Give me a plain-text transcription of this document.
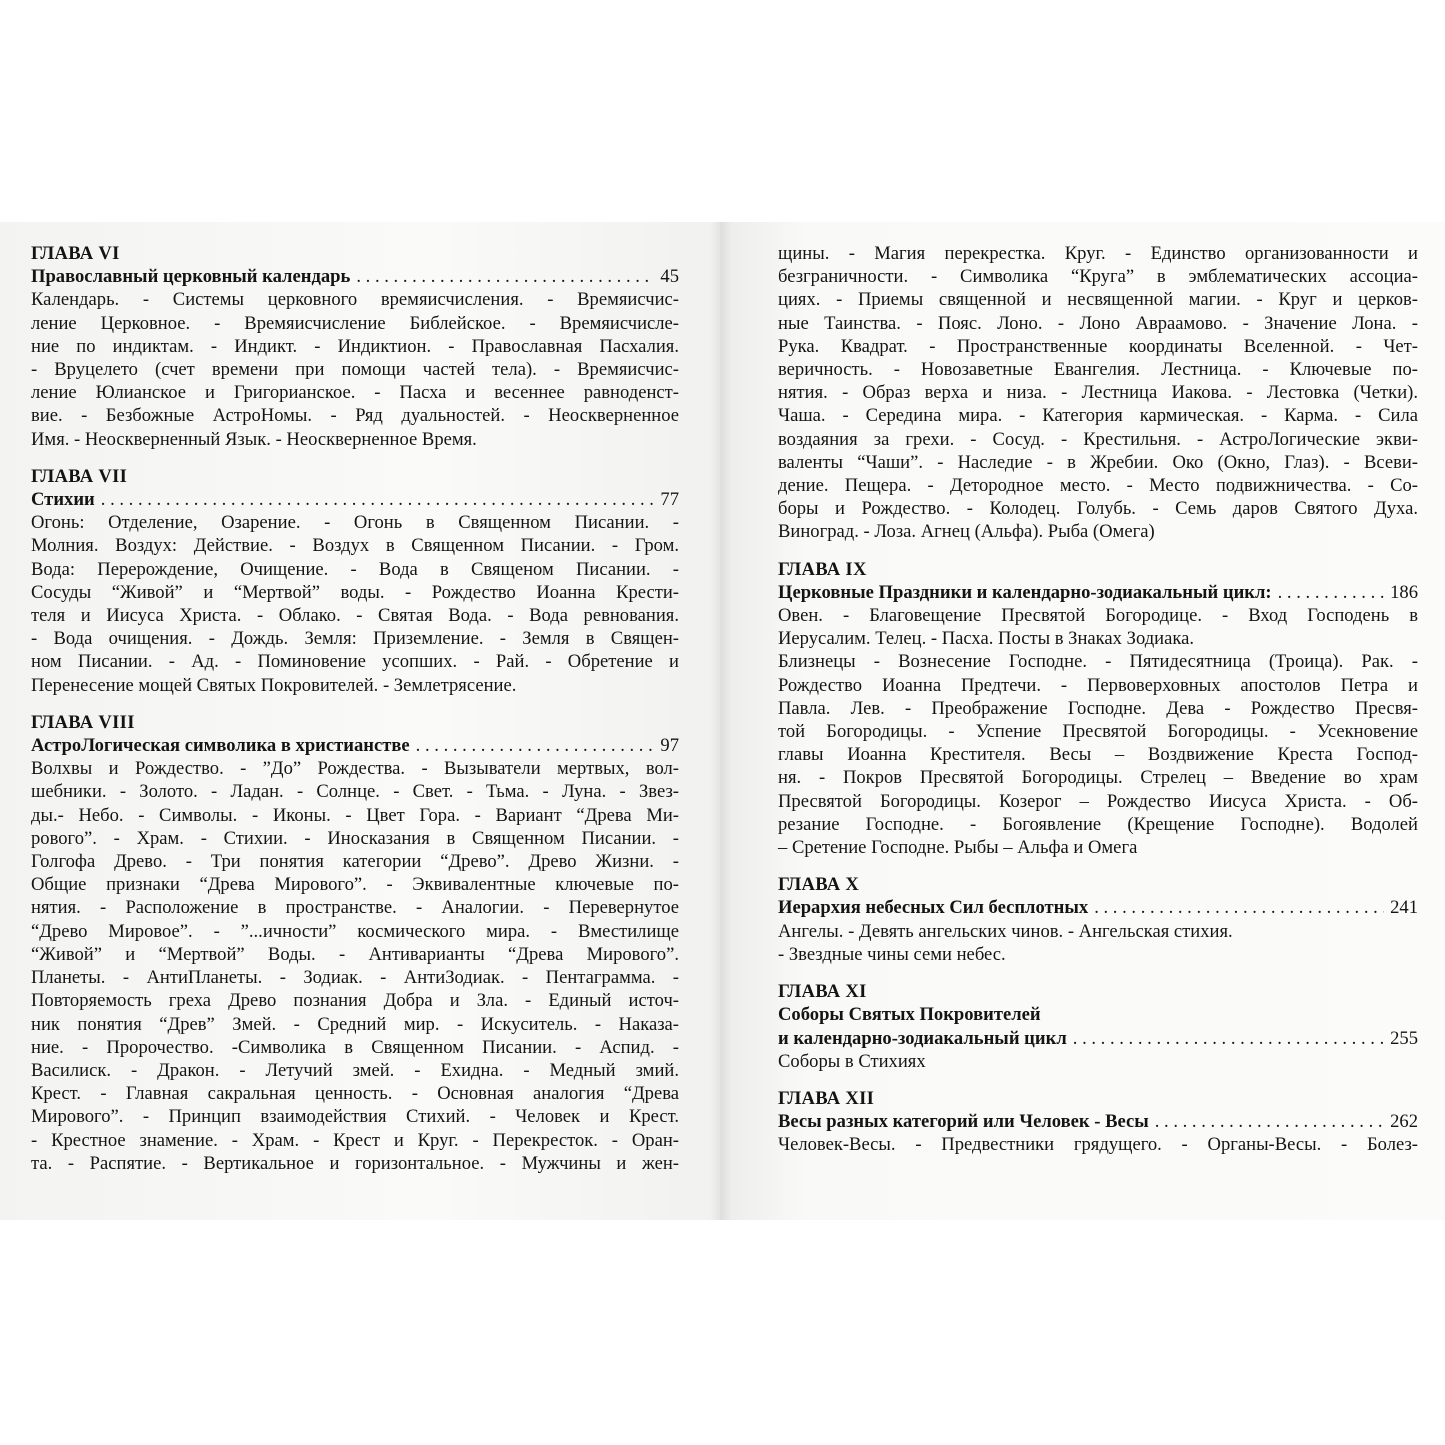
ГЛАВА VI
Православный церковный календарь . . .	45
Календарь. - Системы церковного времяисчисления. - Времяисчис-
ление Церковное. - Времяисчисление Библейское. - Времяисчисле-
ние по индиктам. - Индикт. - Индиктион. - Православная Пасхалия.
- Вруцелето (счет времени при помощи частей тела). - Времяисчис-
ление Юлианское и Григорианское. - Пасха и весеннее равноденст-
вие. - Безбожные АстроНомы. - Ряд дуальностей. - Неоскверненное
Имя. - Неоскверненный Язык. - Неоскверненное Время.
ГЛАВА VII
Стихии . . .	77
Огонь: Отделение, Озарение. - Огонь в Священном Писании. -
Молния. Воздух: Действие. - Воздух в Священном Писании. - Гром.
Вода: Перерождение, Очищение. - Вода в Священом Писании. -
Сосуды “Живой” и “Мертвой” воды. - Рождество Иоанна Крести-
теля и Иисуса Христа. - Облако. - Святая Вода. - Вода ревнования.
- Вода очищения. - Дождь. Земля: Приземление. - Земля в Священ-
ном Писании. - Ад. - Поминовение усопших. - Рай. - Обретение и
Перенесение мощей Святых Покровителей. - Землетрясение.
ГЛАВА VIII
АстроЛогическая символика в христианстве . . .	97
Волхвы и Рождество. - ”До” Рождества. - Вызыватели мертвых, вол-
шебники. - Золото. - Ладан. - Солнце. - Свет. - Тьма. - Луна. - Звез-
ды.- Небо. - Символы. - Иконы. - Цвет Гора. - Вариант “Древа Ми-
рового”. - Храм. - Стихии. - Иносказания в Священном Писании. -
Голгофа Древо. - Три понятия категории “Древо”. Древо Жизни. -
Общие признаки “Древа Мирового”. - Эквивалентные ключевые по-
нятия. - Расположение в пространстве. - Аналогии. - Перевернутое
“Древо Мировое”. - ”...ичности” космического мира. - Вместилище
“Живой” и “Мертвой” Воды. - Антиварианты “Древа Мирового”.
Планеты. - АнтиПланеты. - Зодиак. - АнтиЗодиак. - Пентаграмма. -
Повторяемость греха Древо познания Добра и Зла. - Единый источ-
ник понятия “Древ” Змей. - Средний мир. - Искуситель. - Наказа-
ние. - Пророчество. -Символика в Священном Писании. - Аспид. -
Василиск. - Дракон. - Летучий змей. - Ехидна. - Медный змий.
Крест. - Главная сакральная ценность. - Основная аналогия “Древа
Мирового”. - Принцип взаимодействия Стихий. - Человек и Крест.
- Крестное знамение. - Храм. - Крест и Круг. - Перекресток. - Оран-
та. - Распятие. - Вертикальное и горизонтальное. - Мужчины и жен-
щины. - Магия перекрестка. Круг. - Единство организованности и
безграничности. - Символика “Круга” в эмблематических ассоциа-
циях. - Приемы священной и несвященной магии. - Круг и церков-
ные Таинства. - Пояс. Лоно. - Лоно Авраамово. - Значение Лона. -
Рука. Квадрат. - Пространственные координаты Вселенной. - Чет-
веричность. - Новозаветные Евангелия. Лестница. - Ключевые по-
нятия. - Образ верха и низа. - Лестница Иакова. - Лестовка (Четки).
Чаша. - Середина мира. - Категория кармическая. - Карма. - Сила
воздаяния за грехи. - Сосуд. - Крестильня. - АстроЛогические экви-
валенты “Чаши”. - Наследие - в Жребии. Око (Окно, Глаз). - Всеви-
дение. Пещера. - Детородное место. - Место подвижничества. - Со-
боры и Рождество. - Колодец. Голубь. - Семь даров Святого Духа.
Виноград. - Лоза. Агнец (Альфа). Рыба (Омега)
ГЛАВА IX
Церковные Праздники и календарно-зодиакальный цикл: . . .	186
Овен. - Благовещение Пресвятой Богородице. - Вход Господень в
Иерусалим. Телец. - Пасха. Посты в Знаках Зодиака.
Близнецы - Вознесение Господне. - Пятидесятница (Троица). Рак. -
Рождество Иоанна Предтечи. - Первоверховных апостолов Петра и
Павла. Лев. - Преображение Господне. Дева - Рождество Пресвя-
той Богородицы. - Успение Пресвятой Богородицы. - Усекновение
главы Иоанна Крестителя. Весы – Воздвижение Креста Господ-
ня. - Покров Пресвятой Богородицы. Стрелец – Введение во храм
Пресвятой Богородицы. Козерог – Рождество Иисуса Христа. - Об-
резание Господне. - Богоявление (Крещение Господне). Водолей
– Сретение Господне. Рыбы – Альфа и Омега
ГЛАВА X
Иерархия небесных Сил бесплотных . . .	241
Ангелы. - Девять ангельских чинов. - Ангельская стихия.
- Звездные чины семи небес.
ГЛАВА XI
Соборы Святых Покровителей
и календарно-зодиакальный цикл . . .	255
Соборы в Стихиях
ГЛАВА XII
Весы разных категорий или Человек - Весы . . .	262
Человек-Весы. - Предвестники грядущего. - Органы-Весы. - Болез-
